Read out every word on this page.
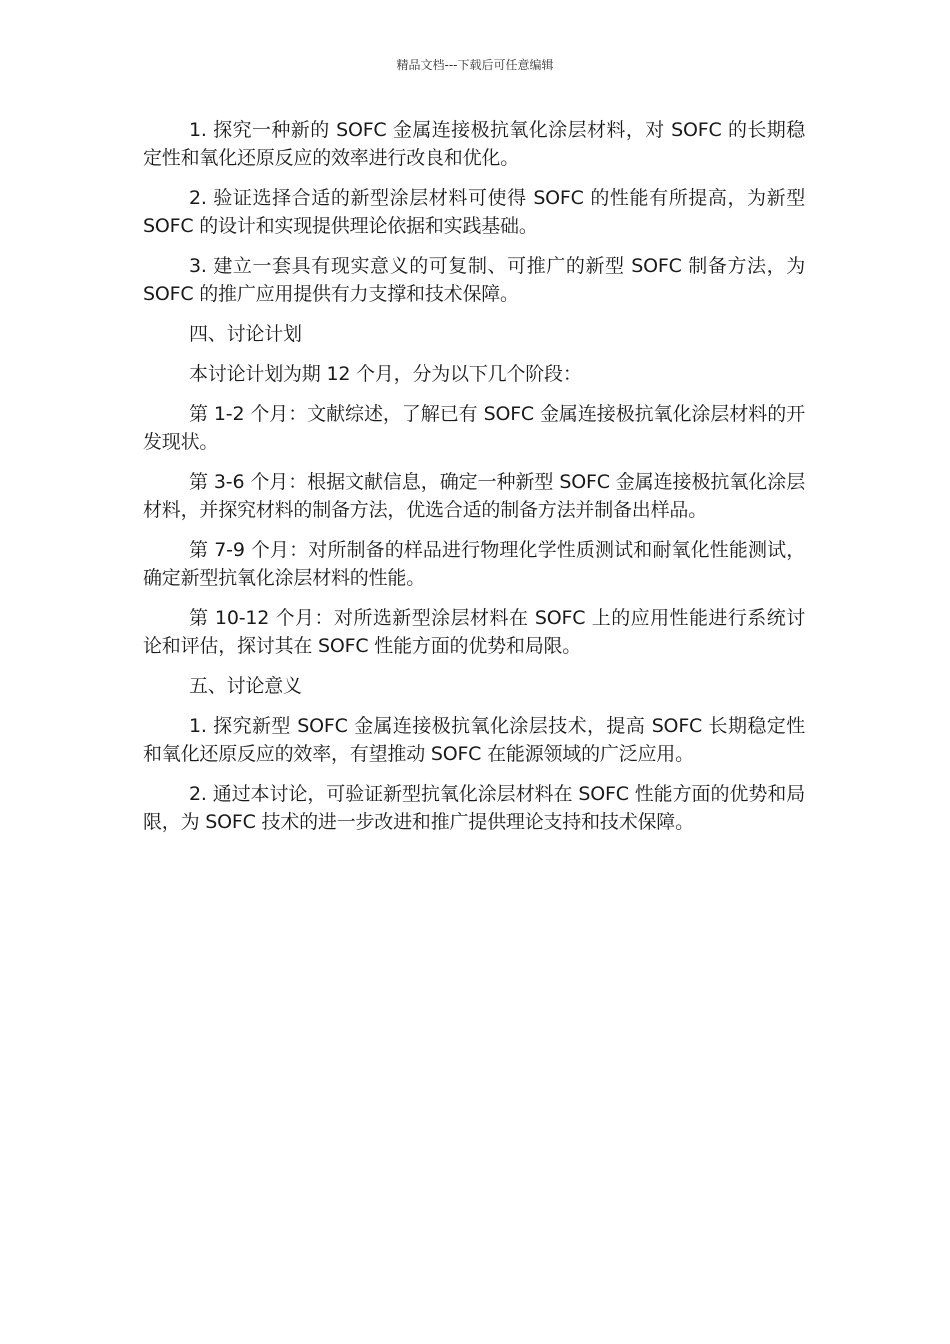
精品文档---下载后可任意编辑

1. 探究一种新的 SOFC 金属连接极抗氧化涂层材料，对 SOFC 的长期稳定性和氧化还原反应的效率进行改良和优化。

2. 验证选择合适的新型涂层材料可使得 SOFC 的性能有所提高，为新型 SOFC 的设计和实现提供理论依据和实践基础。

3. 建立一套具有现实意义的可复制、可推广的新型 SOFC 制备方法，为 SOFC 的推广应用提供有力支撑和技术保障。

四、讨论计划

本讨论计划为期 12 个月，分为以下几个阶段：

第 1-2 个月：文献综述，了解已有 SOFC 金属连接极抗氧化涂层材料的开发现状。

第 3-6 个月：根据文献信息，确定一种新型 SOFC 金属连接极抗氧化涂层材料，并探究材料的制备方法，优选合适的制备方法并制备出样品。

第 7-9 个月：对所制备的样品进行物理化学性质测试和耐氧化性能测试，确定新型抗氧化涂层材料的性能。

第 10-12 个月：对所选新型涂层材料在 SOFC 上的应用性能进行系统讨论和评估，探讨其在 SOFC 性能方面的优势和局限。

五、讨论意义

1. 探究新型 SOFC 金属连接极抗氧化涂层技术，提高 SOFC 长期稳定性和氧化还原反应的效率，有望推动 SOFC 在能源领域的广泛应用。

2. 通过本讨论，可验证新型抗氧化涂层材料在 SOFC 性能方面的优势和局限，为 SOFC 技术的进一步改进和推广提供理论支持和技术保障。
